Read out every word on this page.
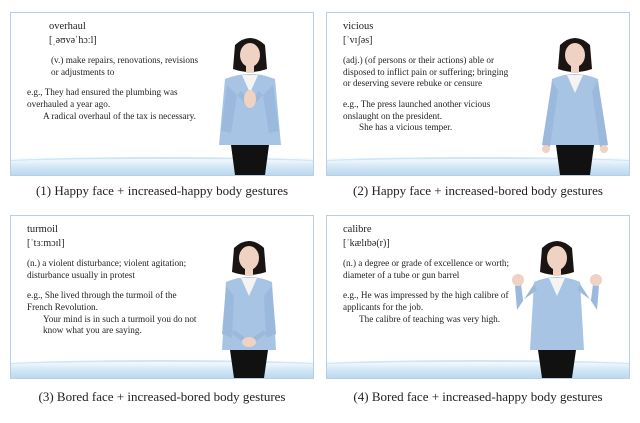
overhaul
[ˌəʊvəˈhɔːl]
(v.) make repairs, renovations, revisions or adjustments to
e.g., They had ensured the plumbing was overhauled a year ago.
A radical overhaul of the tax is necessary.
(1) Happy face + increased-happy body gestures
vicious
[ˈvɪʃəs]
(adj.) (of persons or their actions) able or disposed to inflict pain or suffering; bringing or deserving severe rebuke or censure
e.g., The press launched another vicious onslaught on the president.
She has a vicious temper.
(2) Happy face + increased-bored body gestures
turmoil
[ˈtɜːmɔɪl]
(n.) a violent disturbance; violent agitation; disturbance usually in protest
e.g., She lived through the turmoil of the French Revolution.
Your mind is in such a turmoil you do not know what you are saying.
(3) Bored face + increased-bored body gestures
calibre
[ˈkælɪbə(r)]
(n.) a degree or grade of excellence or worth; diameter of a tube or gun barrel
e.g., He was impressed by the high calibre of applicants for the job.
The calibre of teaching was very high.
(4) Bored face + increased-happy body gestures
